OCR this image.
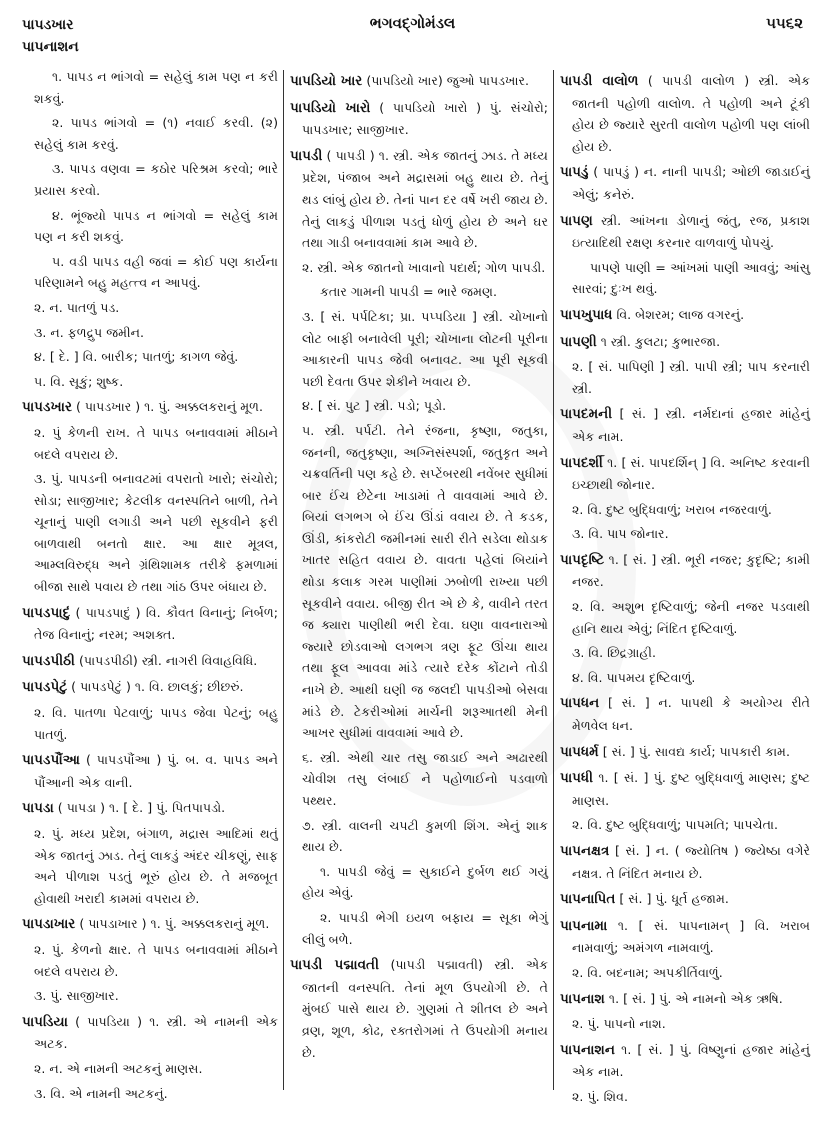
પાપડખાર
પાપનાશન
ભગવદ્ગોમંડલ	૫૫૬૨

૧. પાપડ ન ભાંગવો = સહેલું કામ પણ ન કરી શકવું.

૨. પાપડ ભાંગવો = (૧) નવાઈ કરવી. (૨) સહેલું કામ કરવું.

૩. પાપડ વણવા = કઠોર પરિશ્રમ કરવો; ભારે પ્રયાસ કરવો.

૪. ભૂંજ્યો પાપડ ન ભાંગવો = સહેલું કામ પણ ન કરી શકવું.

૫. વડી પાપડ વહી જવાં = કોઈ પણ કાર્યના પરિણામને બહુ મહત્ત્વ ન આપવું.

૨. ન. પાતળું પડ.

૩. ન. ફળદ્રુપ જમીન.

૪. [ દે. ] વિ. બારીક; પાતળું; કાગળ જેવું.

૫. વિ. સૂકું; શુષ્ક.

પાપડખાર ( પાપડખાર ) ૧. પું. અક્કલકરાનું મૂળ.

૨. પું કેળની રાખ. તે પાપડ બનાવવામાં મીઠાને બદલે વપરાય છે.

૩. પું. પાપડની બનાવટમાં વપરાતો ખારો; સંચોરો; સોડા; સાજીખાર; કેટલીક વનસ્પતિને બાળી, તેને ચૂનાનું પાણી લગાડી અને પછી સૂકવીને ફરી બાળવાથી બનતો ક્ષાર. આ ક્ષાર મૂત્રલ, આમ્લવિરુદ્ધ અને ગ્રંથિશામક તરીકે ફમળામાં બીજા સાથે પવાય છે તથા ગાંઠ ઉપર બંધાય છે.

પાપડપાદું ( પાપડપાદું ) વિ. કૌવત વિનાનું; નિર્બળ; તેજ વિનાનું; નરમ; અશક્ત.

પાપડપીઠી (પાપડપીઠી) સ્ત્રી. નાગરી વિવાહવિધિ.

પાપડપેટું ( પાપડપેટું ) ૧. વિ. છાલકું; છીછરું.

૨. વિ. પાતળા પેટવાળું; પાપડ જેવા પેટનું; બહુ પાતળું.

પાપડપૌંઆ ( પાપડપૌંઆ ) પું. બ. વ. પાપડ અને પૌંઆની એક વાની.

પાપડા ( પાપડા ) ૧. [ દે. ] પું. પિતપાપડો.

૨. પું. મધ્ય પ્રદેશ, બંગાળ, મદ્રાસ આદિમાં થતું એક જાતનું ઝાડ. તેનું લાકડું અંદર ચીકણું, સાફ અને પીળાશ પડતું ભૂરું હોય છે. તે મજબૂત હોવાથી ખરાદી કામમાં વપરાય છે.

પાપડાખાર ( પાપડાખાર ) ૧. પું. અક્કલકરાનું મૂળ.

૨. પું. કેળનો ક્ષાર. તે પાપડ બનાવવામાં મીઠાને બદલે વપરાય છે.

૩. પું. સાજીખાર.

પાપડિયા ( પાપડિયા ) ૧. સ્ત્રી. એ નામની એક અટક.

૨. ન. એ નામની અટકનું માણસ.

૩. વિ. એ નામની અટકનું.

પાપડિયો ખાર (પાપડિયો ખાર) જુઓ પાપડખાર.

પાપડિયો ખારો ( પાપડિયો ખારો ) પું. સંચોરો; પાપડખાર; સાજીખાર.

પાપડી ( પાપડી ) ૧. સ્ત્રી. એક જાતનું ઝાડ. તે મધ્ય પ્રદેશ, પંજાબ અને મદ્રાસમાં બહુ થાય છે. તેનું થડ લાંબું હોય છે. તેનાં પાન દર વર્ષે ખરી જાય છે. તેનું લાકડું પીળાશ પડતું ધોળું હોય છે અને ઘર તથા ગાડી બનાવવામાં કામ આવે છે.

૨. સ્ત્રી. એક જાતનો ખાવાનો પદાર્થ; ગોળ પાપડી.

કતાર ગામની પાપડી = ભારે જમણ.

૩. [ સં. પર્પટિકા; પ્રા. પપ્પડિયા ] સ્ત્રી. ચોખાનો લોટ બાફી બનાવેલી પૂરી; ચોખાના લોટની પૂરીના આકારની પાપડ જેવી બનાવટ. આ પૂરી સૂકવી પછી દેવતા ઉપર શેકીને ખવાય છે.

૪. [ સં. પુટ ] સ્ત્રી. પડો; પૂડો.

૫. સ્ત્રી. પર્પટી. તેને રંજના, કૃષ્ણા, જતુકા, જનની, જતુકૃષ્ણા, અગ્નિસંસ્પર્શા, જતુકૃત અને ચક્રવર્તિની પણ કહે છે. સપ્ટેંબરથી નવેંબર સુધીમાં બાર ઈંચ છેટેના ખાડામાં તે વાવવામાં આવે છે. બિયાં લગભગ બે ઈંચ ઊંડાં વવાય છે. તે કડક, ઊંડી, કાંકરોટી જમીનમાં સારી રીતે સડેલા થોડાક ખાતર સહિત વવાય છે. વાવતા પહેલાં બિયાંને થોડા કલાક ગરમ પાણીમાં ઝબોળી રાખ્યા પછી સૂકવીને વવાય. બીજી રીત એ છે કે, વાવીને તરત જ ક્યારા પાણીથી ભરી દેવા. ઘણા વાવનારાઓ જ્યારે છોડવાઓ લગભગ ત્રણ ફૂટ ઊંચા થાય તથા ફૂલ આવવા માંડે ત્યારે દરેક કોંટાને તોડી નાખે છે. આથી ઘણી જ જલદી પાપડીઓ બેસવા માંડે છે. ટેકરીઓમાં માર્ચની શરૂઆતથી મેની આખર સુધીમાં વાવવામાં આવે છે.

૬. સ્ત્રી. એથી ચાર તસુ જાડાઈ અને અઢારથી ચોવીશ તસુ લંબાઈ ને પહોળાઈનો પડવાળો પથ્થર.

૭. સ્ત્રી. વાલની ચપટી કુમળી શિંગ. એનું શાક થાય છે.

૧. પાપડી જેવું = સુકાઈને દુર્બળ થઈ ગયું હોય એવું.

૨. પાપડી ભેગી ઇયળ બફાય = સૂકા ભેગું લીલું બળે.

પાપડી પદ્માવતી (પાપડી પદ્માવતી) સ્ત્રી. એક જાતની વનસ્પતિ. તેનાં મૂળ ઉપયોગી છે. તે મુંબઈ પાસે થાય છે. ગુણમાં તે શીતલ છે અને વ્રણ, શૂળ, કોઢ, રક્તરોગમાં તે ઉપયોગી મનાય છે.

પાપડી વાલોળ ( પાપડી વાલોળ ) સ્ત્રી. એક જાતની પહોળી વાલોળ. તે પહોળી અને ટૂંકી હોય છે જ્યારે સુરતી વાલોળ પહોળી પણ લાંબી હોય છે.

પાપડું ( પાપડું ) ન. નાની પાપડી; ઓછી જાડાઈનું એલું; કનેરું.

પાપણ સ્ત્રી. આંખના ડોળાનું જંતુ, રજ, પ્રકાશ ઇત્યાદિથી રક્ષણ કરનાર વાળવાળું પોપચું.

પાપણે પાણી = આંખમાં પાણી આવવું; આંસુ સારવાં; દુઃખ થવું.

પાપખુપાધ વિ. બેશરમ; લાજ વગરનું.

પાપણી ૧ સ્ત્રી. કુલટા; કુભારજા.

૨. [ સં. પાપિણી ] સ્ત્રી. પાપી સ્ત્રી; પાપ કરનારી સ્ત્રી.

પાપદમની [ સં. ] સ્ત્રી. નર્મદાનાં હજાર માંહેનું એક નામ.

પાપદર્શી ૧. [ સં. પાપદર્શિન્ ] વિ. અનિષ્ટ કરવાની ઇચ્છાથી જોનાર.

૨. વિ. દુષ્ટ બુદ્ધિવાળું; ખરાબ નજરવાળું.

૩. વિ. પાપ જોનાર.

પાપદૃષ્ટિ ૧. [ સં. ] સ્ત્રી. ભૂરી નજર; કુદૃષ્ટિ; કામી નજર.

૨. વિ. અશુભ દૃષ્ટિવાળું; જેની નજર પડવાથી હાનિ થાય એવું; નિંદિત દૃષ્ટિવાળું.

૩. વિ. છિદ્રગ્રાહી.

૪. વિ. પાપમય દૃષ્ટિવાળું.

પાપધન [ સં. ] ન. પાપથી કે અયોગ્ય રીતે મેળવેલ ધન.

પાપધર્મ [ સં. ] પું. સાવદ્ય કાર્ય; પાપકારી કામ.

પાપધી ૧. [ સં. ] પું. દુષ્ટ બુદ્ધિવાળું માણસ; દુષ્ટ માણસ.

૨. વિ. દુષ્ટ બુદ્ધિવાળું; પાપમતિ; પાપચેતા.

પાપનક્ષત્ર [ સં. ] ન. ( જ્યોતિષ ) જ્યેષ્ઠા વગેરે નક્ષત્ર. તે નિંદિત મનાય છે.

પાપનાપિત [ સં. ] પું. ધૂર્ત હજામ.

પાપનામા ૧. [ સં. પાપનામન્ ] વિ. ખરાબ નામવાળું; અમંગળ નામવાળું.

૨. વિ. બદનામ; અપકીર્તિવાળું.

પાપનાશ ૧. [ સં. ] પું. એ નામનો એક ઋષિ.

૨. પું. પાપનો નાશ.

પાપનાશન ૧. [ સં. ] પું. વિષ્ણુનાં હજાર માંહેનું એક નામ.

૨. પું. શિવ.
